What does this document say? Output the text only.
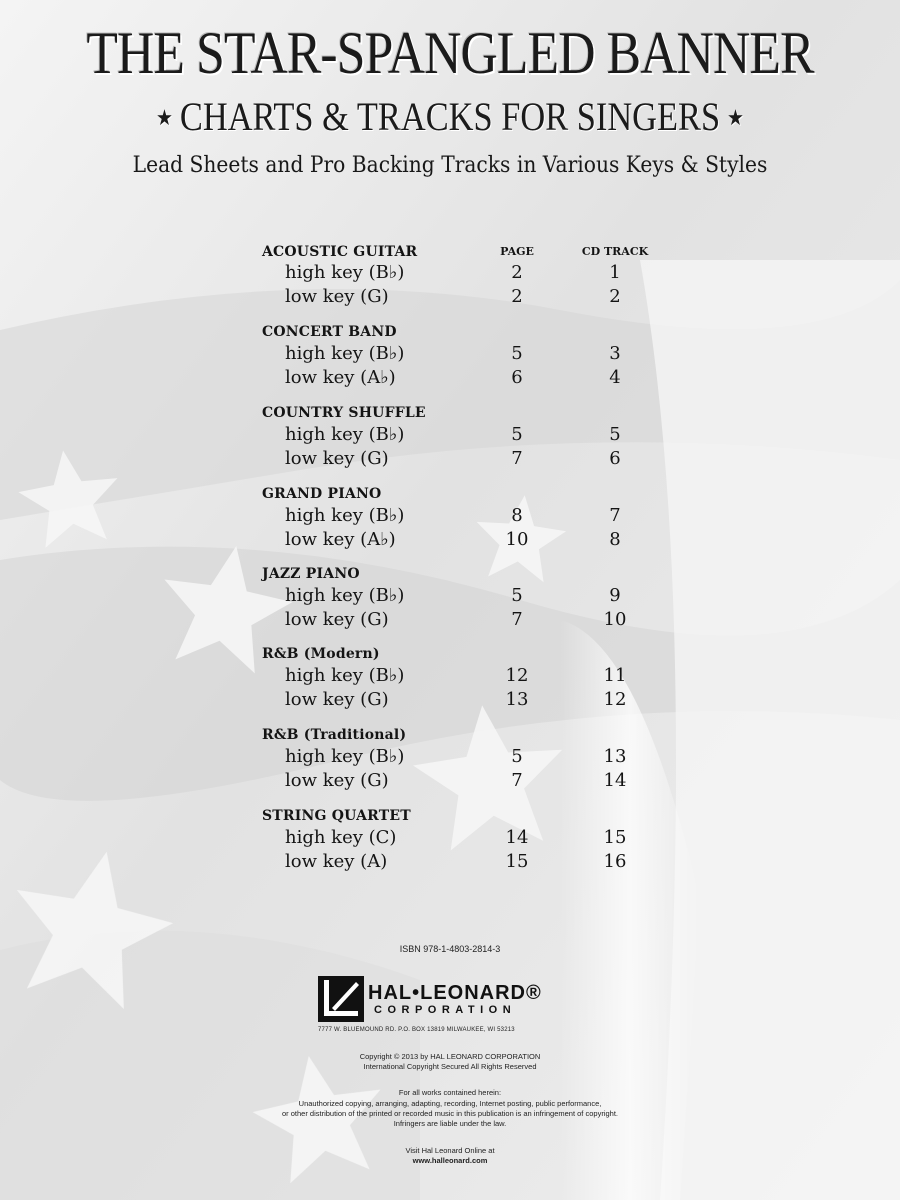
THE STAR-SPANGLED BANNER
★ CHARTS & TRACKS FOR SINGERS ★
Lead Sheets and Pro Backing Tracks in Various Keys & Styles
PAGE	CD TRACK
ACOUSTIC GUITAR
high key (B♭)	2	1
low key (G)	2	2
CONCERT BAND
high key (B♭)	5	3
low key (A♭)	6	4
COUNTRY SHUFFLE
high key (B♭)	5	5
low key (G)	7	6
GRAND PIANO
high key (B♭)	8	7
low key (A♭)	10	8
JAZZ PIANO
high key (B♭)	5	9
low key (G)	7	10
R&B (Modern)
high key (B♭)	12	11
low key (G)	13	12
R&B (Traditional)
high key (B♭)	5	13
low key (G)	7	14
STRING QUARTET
high key (C)	14	15
low key (A)	15	16
ISBN 978-1-4803-2814-3
HAL•LEONARD®
CORPORATION
7777 W. BLUEMOUND RD. P.O. BOX 13819 MILWAUKEE, WI 53213
Copyright © 2013 by HAL LEONARD CORPORATION
International Copyright Secured All Rights Reserved
For all works contained herein:
Unauthorized copying, arranging, adapting, recording, Internet posting, public performance,
or other distribution of the printed or recorded music in this publication is an infringement of copyright.
Infringers are liable under the law.
Visit Hal Leonard Online at
www.halleonard.com
